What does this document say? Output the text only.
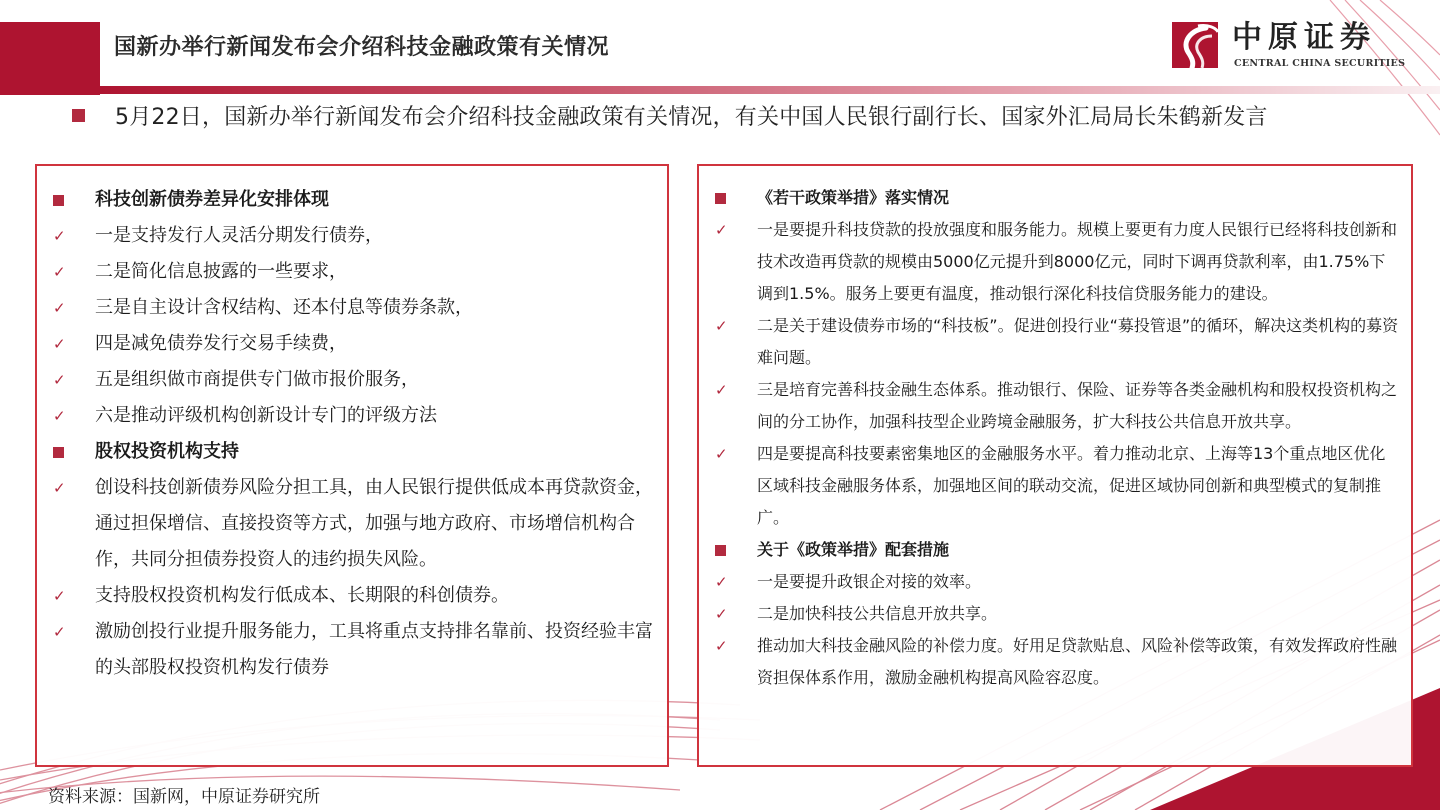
国新办举行新闻发布会介绍科技金融政策有关情况	中原证券
CENTRAL CHINA SECURITIES
5月22日，国新办举行新闻发布会介绍科技金融政策有关情况，有关中国人民银行副行长、国家外汇局局长朱鹤新发言
科技创新债券差异化安排体现
✓ 一是支持发行人灵活分期发行债券，
✓ 二是简化信息披露的一些要求，
✓ 三是自主设计含权结构、还本付息等债券条款，
✓ 四是减免债券发行交易手续费，
✓ 五是组织做市商提供专门做市报价服务，
✓ 六是推动评级机构创新设计专门的评级方法
股权投资机构支持
✓ 创设科技创新债券风险分担工具，由人民银行提供低成本再贷款资金，通过担保增信、直接投资等方式，加强与地方政府、市场增信机构合作，共同分担债券投资人的违约损失风险。
✓ 支持股权投资机构发行低成本、长期限的科创债券。
✓ 激励创投行业提升服务能力，工具将重点支持排名靠前、投资经验丰富的头部股权投资机构发行债券
《若干政策举措》落实情况
✓ 一是要提升科技贷款的投放强度和服务能力。规模上要更有力度人民银行已经将科技创新和技术改造再贷款的规模由5000亿元提升到8000亿元，同时下调再贷款利率，由1.75%下调到1.5%。服务上要更有温度，推动银行深化科技信贷服务能力的建设。
✓ 二是关于建设债券市场的“科技板”。促进创投行业“募投管退”的循环，解决这类机构的募资难问题。
✓ 三是培育完善科技金融生态体系。推动银行、保险、证券等各类金融机构和股权投资机构之间的分工协作，加强科技型企业跨境金融服务，扩大科技公共信息开放共享。
✓ 四是要提高科技要素密集地区的金融服务水平。着力推动北京、上海等13个重点地区优化区域科技金融服务体系，加强地区间的联动交流，促进区域协同创新和典型模式的复制推广。
关于《政策举措》配套措施
✓ 一是要提升政银企对接的效率。
✓ 二是加快科技公共信息开放共享。
✓ 推动加大科技金融风险的补偿力度。好用足贷款贴息、风险补偿等政策，有效发挥政府性融资担保体系作用，激励金融机构提高风险容忍度。
资料来源：国新网，中原证券研究所
